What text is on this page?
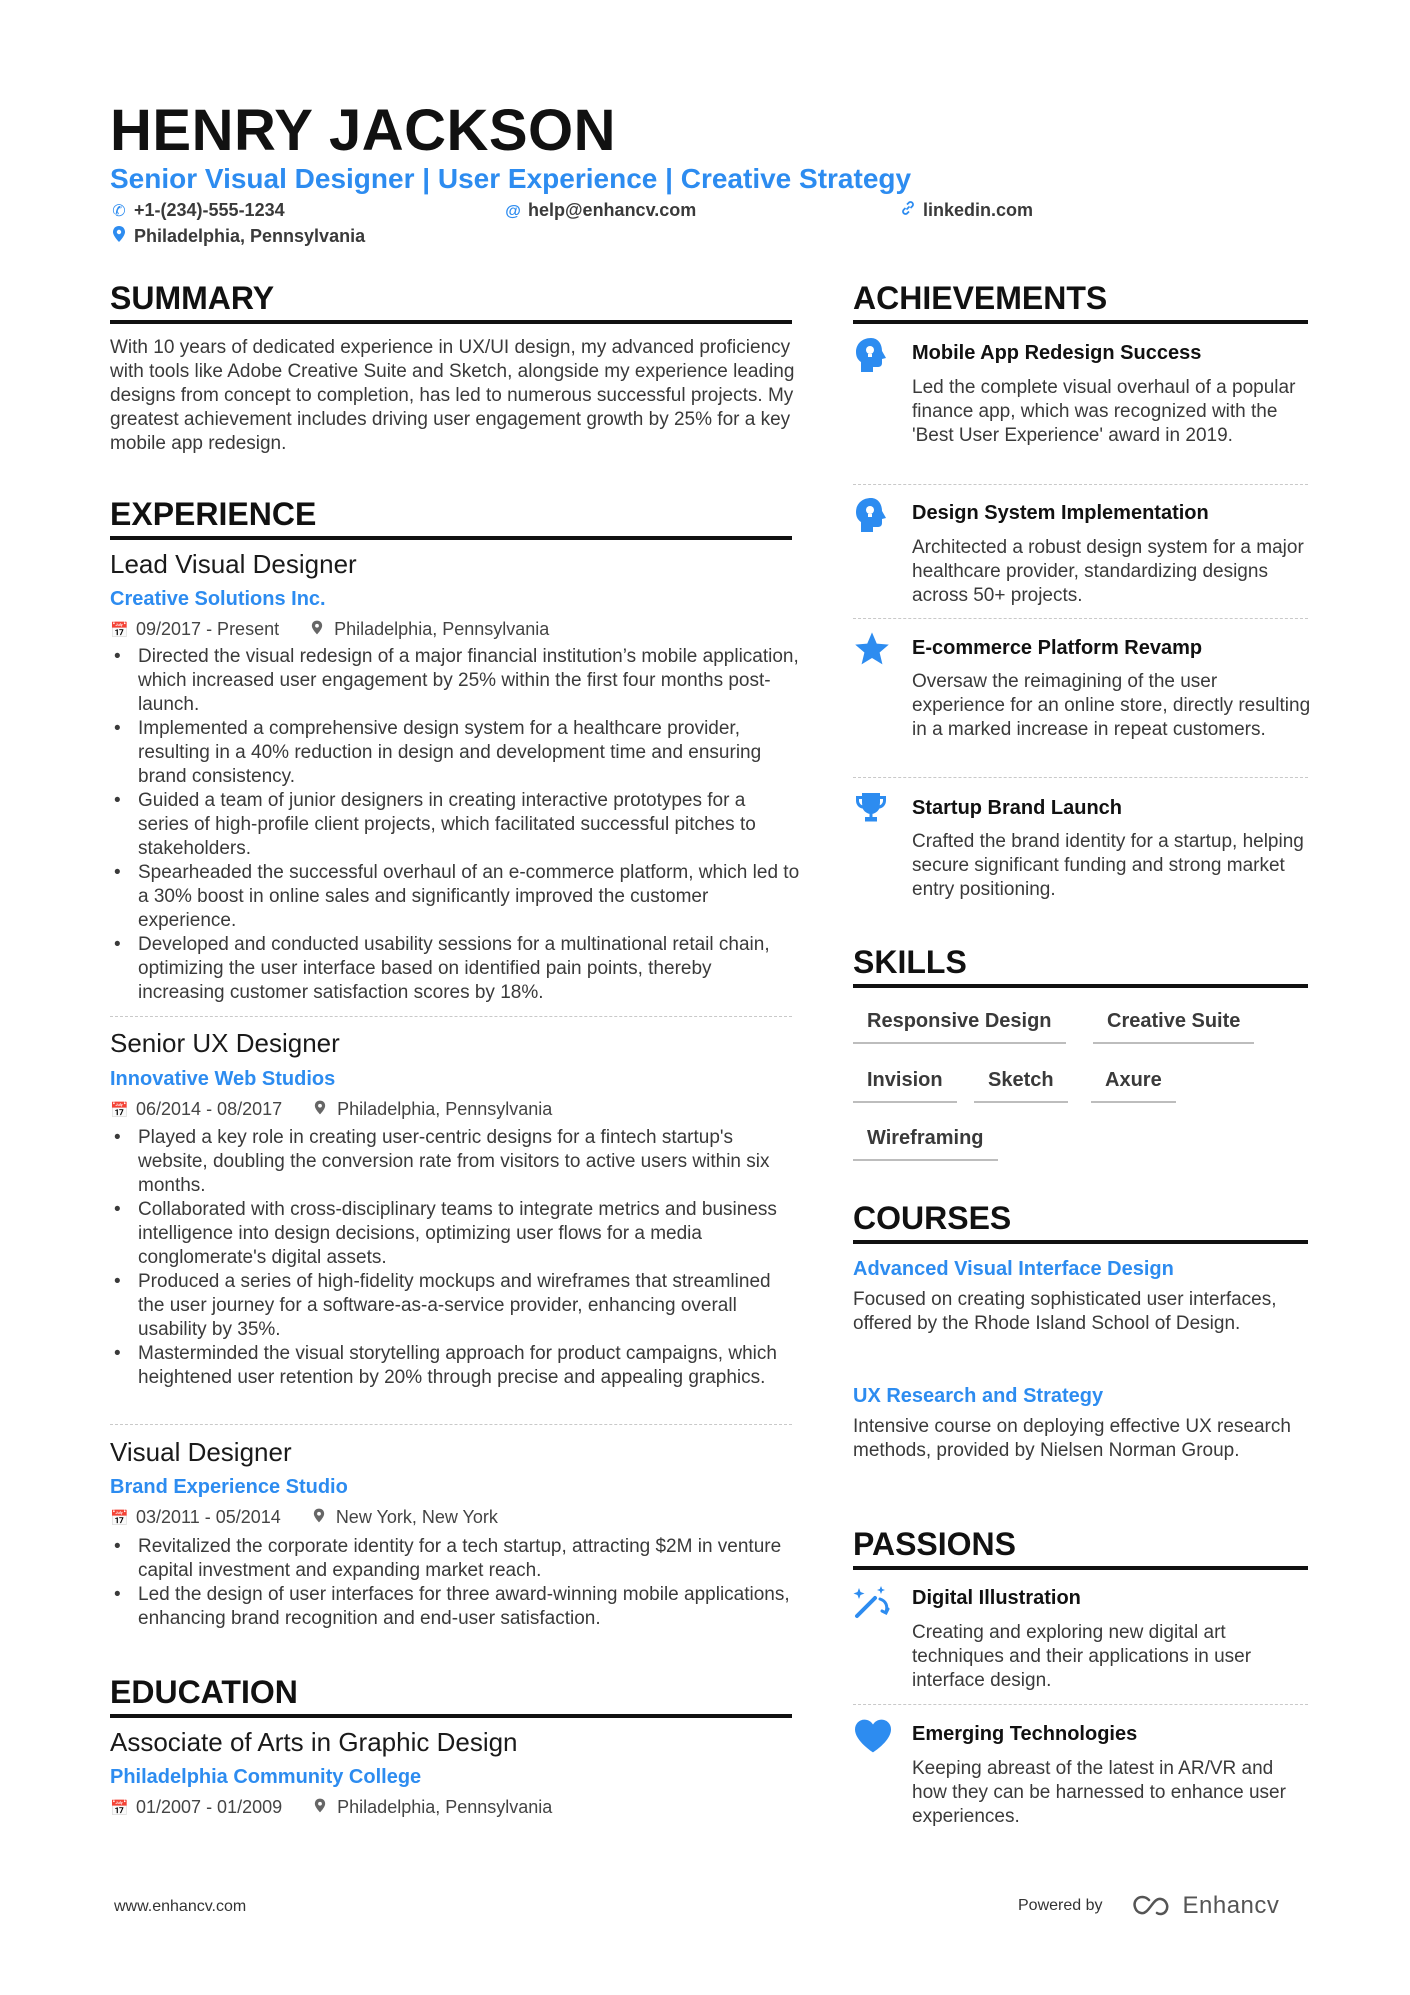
HENRY JACKSON
Senior Visual Designer | User Experience | Creative Strategy
✆ +1-(234)-555-1234	@ help@enhancv.com	linkedin.com
Philadelphia, Pennsylvania
SUMMARY
With 10 years of dedicated experience in UX/UI design, my advanced proficiency with tools like Adobe Creative Suite and Sketch, alongside my experience leading designs from concept to completion, has led to numerous successful projects. My greatest achievement includes driving user engagement growth by 25% for a key mobile app redesign.
EXPERIENCE
Lead Visual Designer
Creative Solutions Inc.
📅 09/2017 - Present	Philadelphia, Pennsylvania
• Directed the visual redesign of a major financial institution’s mobile application, which increased user engagement by 25% within the first four months post-launch.
• Implemented a comprehensive design system for a healthcare provider, resulting in a 40% reduction in design and development time and ensuring brand consistency.
• Guided a team of junior designers in creating interactive prototypes for a series of high-profile client projects, which facilitated successful pitches to stakeholders.
• Spearheaded the successful overhaul of an e-commerce platform, which led to a 30% boost in online sales and significantly improved the customer experience.
• Developed and conducted usability sessions for a multinational retail chain, optimizing the user interface based on identified pain points, thereby increasing customer satisfaction scores by 18%.
Senior UX Designer
Innovative Web Studios
📅 06/2014 - 08/2017	Philadelphia, Pennsylvania
• Played a key role in creating user-centric designs for a fintech startup's website, doubling the conversion rate from visitors to active users within six months.
• Collaborated with cross-disciplinary teams to integrate metrics and business intelligence into design decisions, optimizing user flows for a media conglomerate's digital assets.
• Produced a series of high-fidelity mockups and wireframes that streamlined the user journey for a software-as-a-service provider, enhancing overall usability by 35%.
• Masterminded the visual storytelling approach for product campaigns, which heightened user retention by 20% through precise and appealing graphics.
Visual Designer
Brand Experience Studio
📅 03/2011 - 05/2014	New York, New York
• Revitalized the corporate identity for a tech startup, attracting $2M in venture capital investment and expanding market reach.
• Led the design of user interfaces for three award-winning mobile applications, enhancing brand recognition and end-user satisfaction.
EDUCATION
Associate of Arts in Graphic Design
Philadelphia Community College
📅 01/2007 - 01/2009	Philadelphia, Pennsylvania
ACHIEVEMENTS
Mobile App Redesign Success
Led the complete visual overhaul of a popular finance app, which was recognized with the 'Best User Experience' award in 2019.
Design System Implementation
Architected a robust design system for a major healthcare provider, standardizing designs across 50+ projects.
E-commerce Platform Revamp
Oversaw the reimagining of the user experience for an online store, directly resulting in a marked increase in repeat customers.
Startup Brand Launch
Crafted the brand identity for a startup, helping secure significant funding and strong market entry positioning.
SKILLS
Responsive Design	Creative Suite
Invision	Sketch	Axure
Wireframing
COURSES
Advanced Visual Interface Design
Focused on creating sophisticated user interfaces, offered by the Rhode Island School of Design.
UX Research and Strategy
Intensive course on deploying effective UX research methods, provided by Nielsen Norman Group.
PASSIONS
Digital Illustration
Creating and exploring new digital art techniques and their applications in user interface design.
Emerging Technologies
Keeping abreast of the latest in AR/VR and how they can be harnessed to enhance user experiences.
www.enhancv.com	Powered by	Enhancv
